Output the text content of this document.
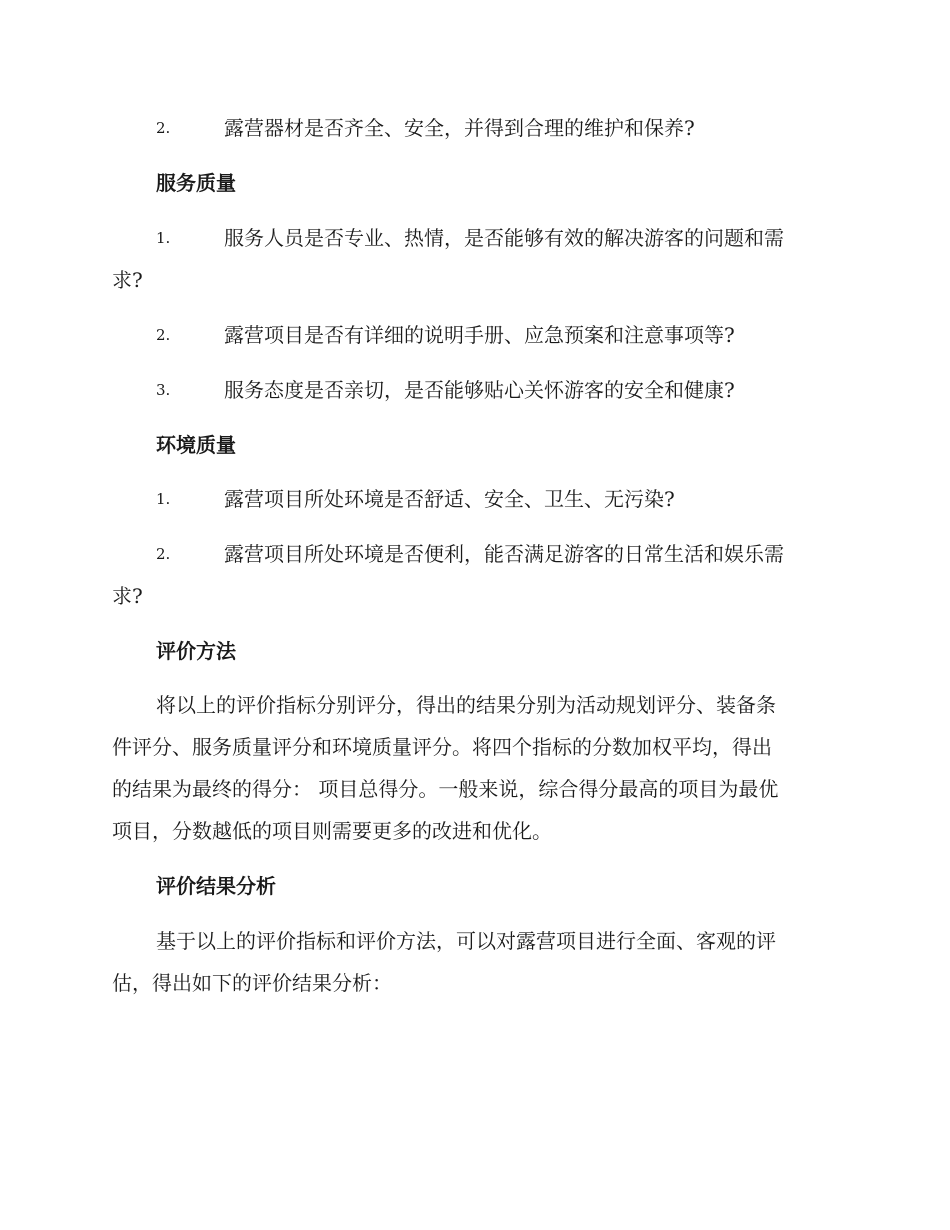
2.	露营器材是否齐全、安全，并得到合理的维护和保养?
服务质量
1.	服务人员是否专业、热情，是否能够有效的解决游客的问题和需
求?
2.	露营项目是否有详细的说明手册、应急预案和注意事项等?
3.	服务态度是否亲切，是否能够贴心关怀游客的安全和健康?
环境质量
1.	露营项目所处环境是否舒适、安全、卫生、无污染?
2.	露营项目所处环境是否便利，能否满足游客的日常生活和娱乐需
求?
评价方法
将以上的评价指标分别评分，得出的结果分别为活动规划评分、装备条
件评分、服务质量评分和环境质量评分。将四个指标的分数加权平均，得出
的结果为最终的得分： 项目总得分。一般来说，综合得分最高的项目为最优
项目，分数越低的项目则需要更多的改进和优化。
评价结果分析
基于以上的评价指标和评价方法，可以对露营项目进行全面、客观的评
估，得出如下的评价结果分析：
